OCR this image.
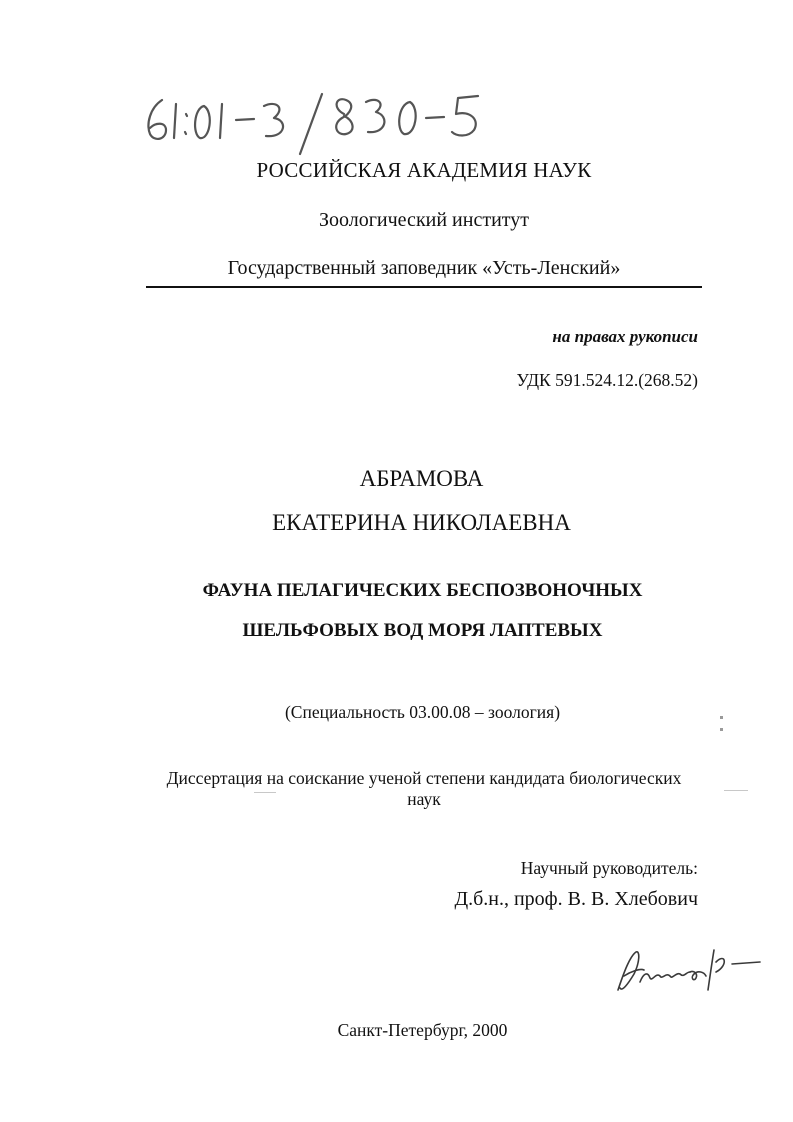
РОССИЙСКАЯ АКАДЕМИЯ НАУК
Зоологический институт
Государственный заповедник «Усть-Ленский»
на правах рукописи
УДК 591.524.12.(268.52)
АБРАМОВА
ЕКАТЕРИНА НИКОЛАЕВНА
ФАУНА ПЕЛАГИЧЕСКИХ БЕСПОЗВОНОЧНЫХ
ШЕЛЬФОВЫХ ВОД МОРЯ ЛАПТЕВЫХ
(Специальность 03.00.08 – зоология)
Диссертация на соискание ученой степени кандидата биологических наук
Научный руководитель:
Д.б.н., проф. В. В. Хлебович
Санкт-Петербург, 2000
